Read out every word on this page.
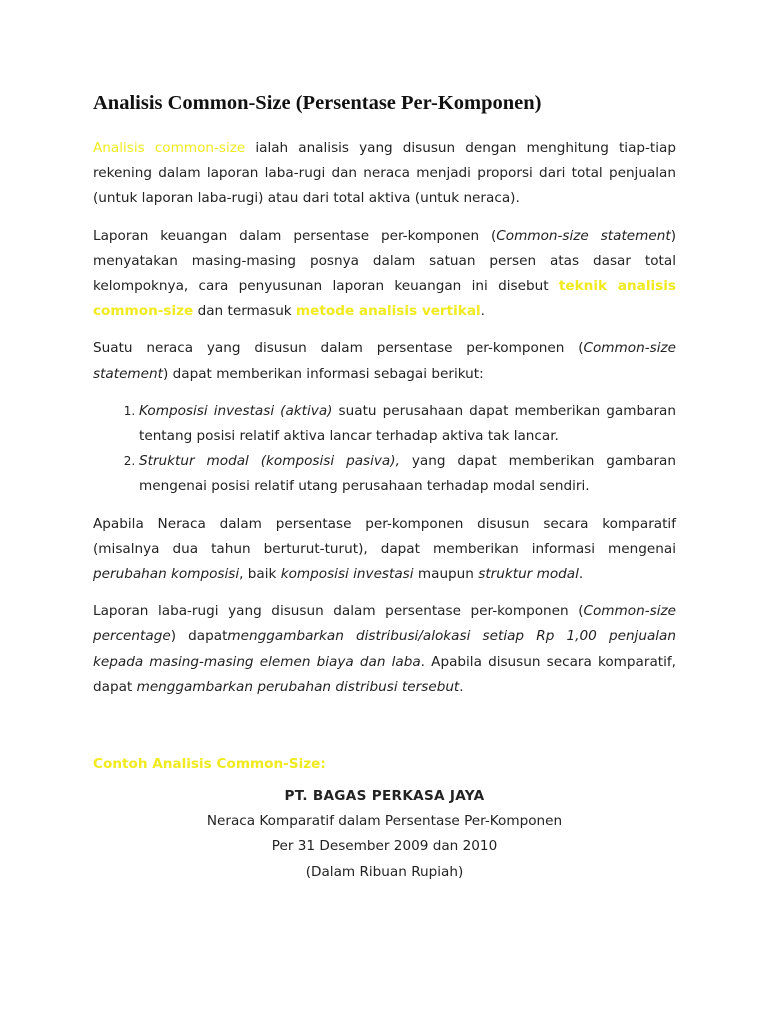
Analisis Common-Size (Persentase Per-Komponen)

Analisis common-size ialah analisis yang disusun dengan menghitung tiap-tiap rekening dalam laporan laba-rugi dan neraca menjadi proporsi dari total penjualan (untuk laporan laba-rugi) atau dari total aktiva (untuk neraca).

Laporan keuangan dalam persentase per-komponen (Common-size statement) menyatakan masing-masing posnya dalam satuan persen atas dasar total kelompoknya, cara penyusunan laporan keuangan ini disebut teknik analisis common-size dan termasuk metode analisis vertikal.

Suatu neraca yang disusun dalam persentase per-komponen (Common-size statement) dapat memberikan informasi sebagai berikut:

1. Komposisi investasi (aktiva) suatu perusahaan dapat memberikan gambaran tentang posisi relatif aktiva lancar terhadap aktiva tak lancar.
2. Struktur modal (komposisi pasiva), yang dapat memberikan gambaran mengenai posisi relatif utang perusahaan terhadap modal sendiri.

Apabila Neraca dalam persentase per-komponen disusun secara komparatif (misalnya dua tahun berturut-turut), dapat memberikan informasi mengenai perubahan komposisi, baik komposisi investasi maupun struktur modal.

Laporan laba-rugi yang disusun dalam persentase per-komponen (Common-size percentage) dapatmenggambarkan distribusi/alokasi setiap Rp 1,00 penjualan kepada masing-masing elemen biaya dan laba. Apabila disusun secara komparatif, dapat menggambarkan perubahan distribusi tersebut.

Contoh Analisis Common-Size:
PT. BAGAS PERKASA JAYA
Neraca Komparatif dalam Persentase Per-Komponen
Per 31 Desember 2009 dan 2010
(Dalam Ribuan Rupiah)
